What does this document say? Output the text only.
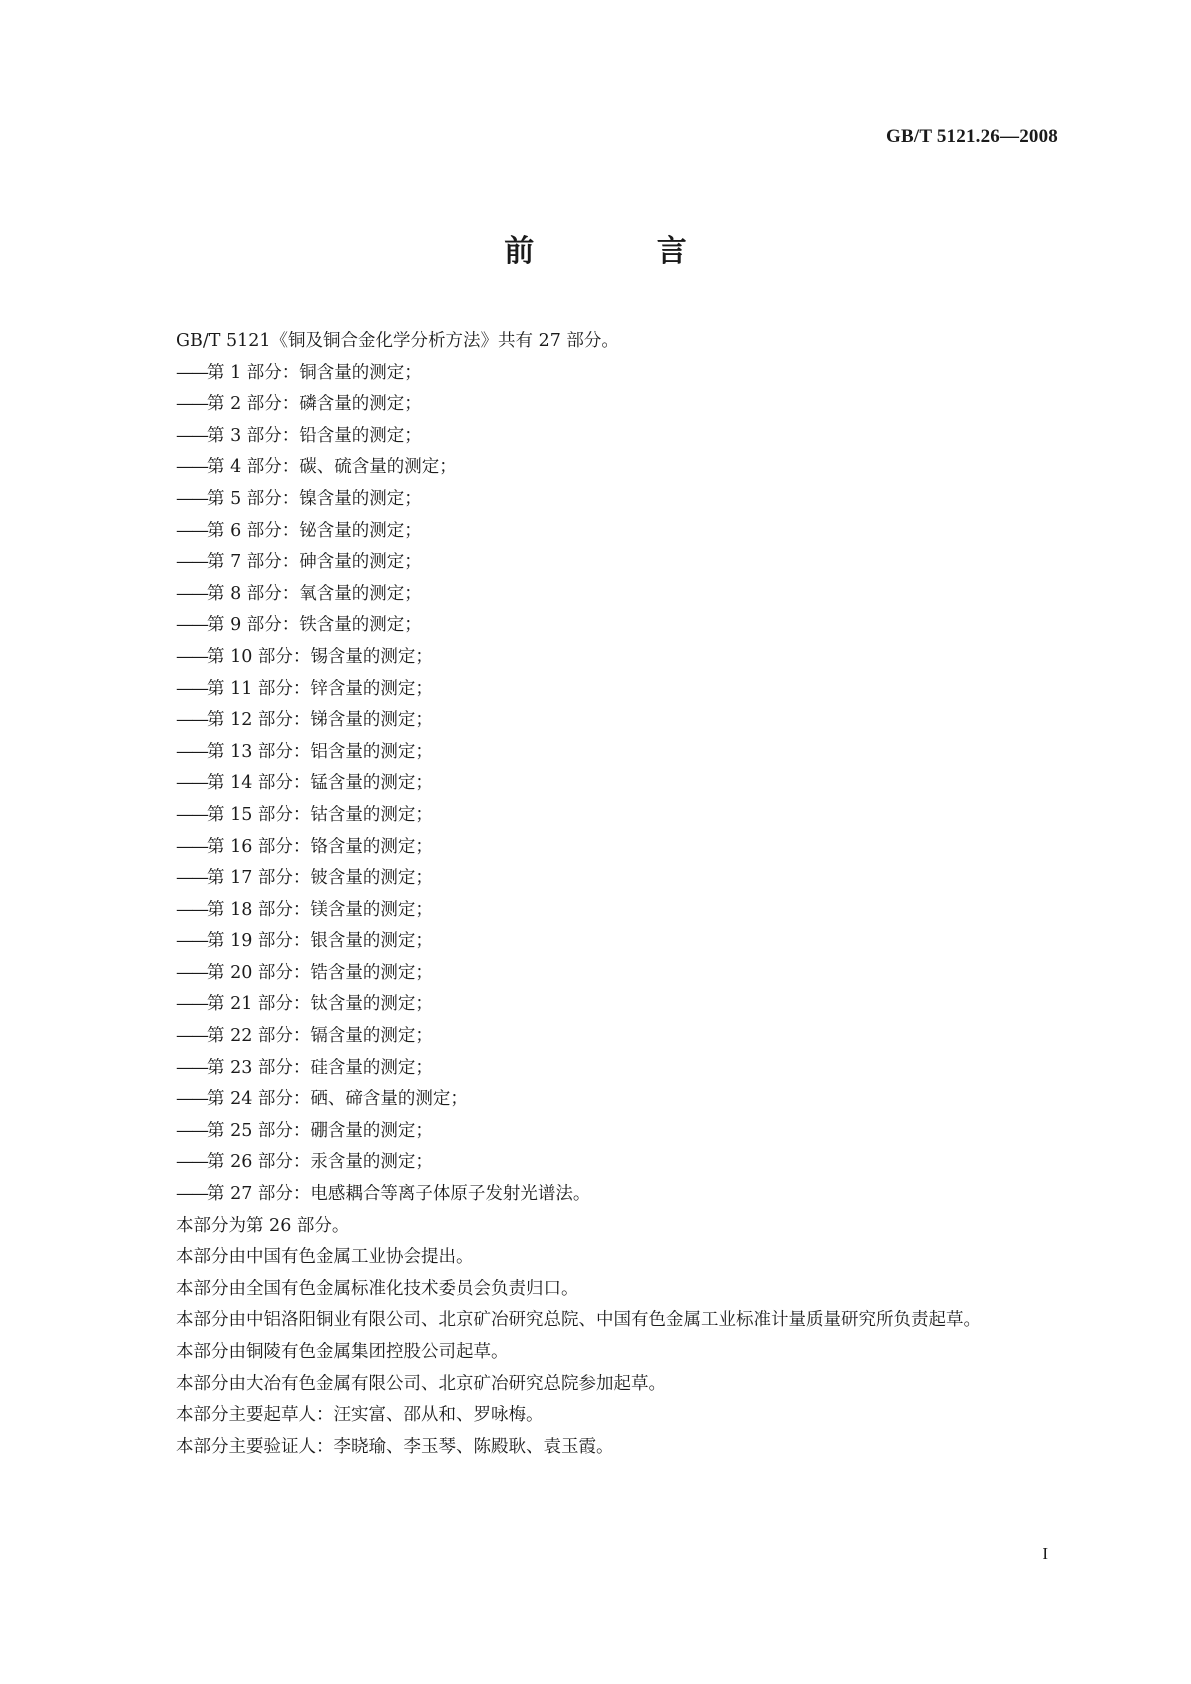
GB/T 5121.26—2008
前 言

GB/T 5121《铜及铜合金化学分析方法》共有 27 部分。

——第 1 部分：铜含量的测定；

——第 2 部分：磷含量的测定；

——第 3 部分：铅含量的测定；

——第 4 部分：碳、硫含量的测定；

——第 5 部分：镍含量的测定；

——第 6 部分：铋含量的测定；

——第 7 部分：砷含量的测定；

——第 8 部分：氧含量的测定；

——第 9 部分：铁含量的测定；

——第 10 部分：锡含量的测定；

——第 11 部分：锌含量的测定；

——第 12 部分：锑含量的测定；

——第 13 部分：铝含量的测定；

——第 14 部分：锰含量的测定；

——第 15 部分：钴含量的测定；

——第 16 部分：铬含量的测定；

——第 17 部分：铍含量的测定；

——第 18 部分：镁含量的测定；

——第 19 部分：银含量的测定；

——第 20 部分：锆含量的测定；

——第 21 部分：钛含量的测定；

——第 22 部分：镉含量的测定；

——第 23 部分：硅含量的测定；

——第 24 部分：硒、碲含量的测定；

——第 25 部分：硼含量的测定；

——第 26 部分：汞含量的测定；

——第 27 部分：电感耦合等离子体原子发射光谱法。

本部分为第 26 部分。

本部分由中国有色金属工业协会提出。

本部分由全国有色金属标准化技术委员会负责归口。

本部分由中铝洛阳铜业有限公司、北京矿冶研究总院、中国有色金属工业标准计量质量研究所负责起草。

本部分由铜陵有色金属集团控股公司起草。

本部分由大冶有色金属有限公司、北京矿冶研究总院参加起草。

本部分主要起草人：汪实富、邵从和、罗咏梅。

本部分主要验证人：李晓瑜、李玉琴、陈殿耿、袁玉霞。

I
